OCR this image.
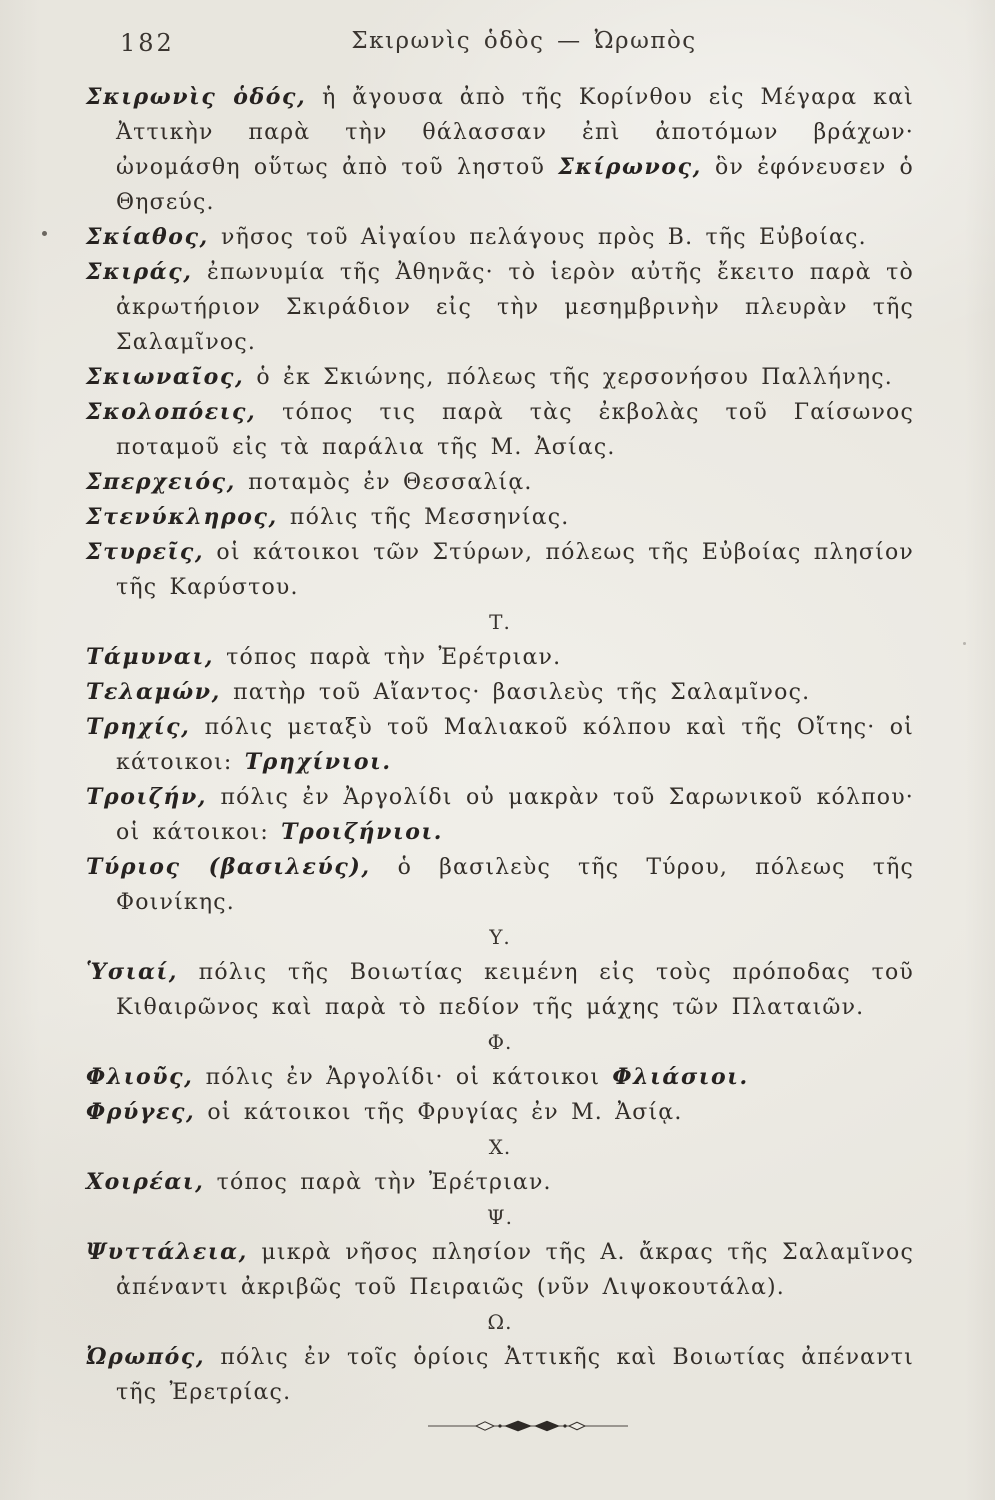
182	Σκιρωνὶς ὁδὸς — Ὠρωπὸς

Σκιρωνὶς ὁδός, ἡ ἄγουσα ἀπὸ τῆς Κορίνθου εἰς Μέγαρα καὶ Ἀττικὴν παρὰ τὴν θάλασσαν ἐπὶ ἀποτόμων βράχων· ὠνομάσθη οὕτως ἀπὸ τοῦ ληστοῦ Σκίρωνος, ὃν ἐφόνευσεν ὁ Θησεύς.

Σκίαθος, νῆσος τοῦ Αἰγαίου πελάγους πρὸς Β. τῆς Εὐβοίας.

Σκιράς, ἐπωνυμία τῆς Ἀθηνᾶς· τὸ ἱερὸν αὐτῆς ἔκειτο παρὰ τὸ ἀκρωτήριον Σκιράδιον εἰς τὴν μεσημβρινὴν πλευρὰν τῆς Σαλαμῖνος.

Σκιωναῖος, ὁ ἐκ Σκιώνης, πόλεως τῆς χερσονήσου Παλλήνης.

Σκολοπόεις, τόπος τις παρὰ τὰς ἐκβολὰς τοῦ Γαίσωνος ποταμοῦ εἰς τὰ παράλια τῆς Μ. Ἀσίας.

Σπερχειός, ποταμὸς ἐν Θεσσαλίᾳ.

Στενύκληρος, πόλις τῆς Μεσσηνίας.

Στυρεῖς, οἱ κάτοικοι τῶν Στύρων, πόλεως τῆς Εὐβοίας πλησίον τῆς Καρύστου.

Τ.

Τάμυναι, τόπος παρὰ τὴν Ἐρέτριαν.

Τελαμών, πατὴρ τοῦ Αἴαντος· βασιλεὺς τῆς Σαλαμῖνος.

Τρηχίς, πόλις μεταξὺ τοῦ Μαλιακοῦ κόλπου καὶ τῆς Οἴτης· οἱ κάτοικοι: Τρηχίνιοι.

Τροιζήν, πόλις ἐν Ἀργολίδι οὐ μακρὰν τοῦ Σαρωνικοῦ κόλπου· οἱ κάτοικοι: Τροιζήνιοι.

Τύριος (βασιλεύς), ὁ βασιλεὺς τῆς Τύρου, πόλεως τῆς Φοινίκης.

Υ.

Ὑσιαί, πόλις τῆς Βοιωτίας κειμένη εἰς τοὺς πρόποδας τοῦ Κιθαιρῶνος καὶ παρὰ τὸ πεδίον τῆς μάχης τῶν Πλαταιῶν.

Φ.

Φλιοῦς, πόλις ἐν Ἀργολίδι· οἱ κάτοικοι Φλιάσιοι.

Φρύγες, οἱ κάτοικοι τῆς Φρυγίας ἐν Μ. Ἀσίᾳ.

Χ.

Χοιρέαι, τόπος παρὰ τὴν Ἐρέτριαν.

Ψ.

Ψυττάλεια, μικρὰ νῆσος πλησίον τῆς Α. ἄκρας τῆς Σαλαμῖνος ἀπέναντι ἀκριβῶς τοῦ Πειραιῶς (νῦν Λιψοκουτάλα).

Ω.

Ὠρωπός, πόλις ἐν τοῖς ὁρίοις Ἀττικῆς καὶ Βοιωτίας ἀπέναντι τῆς Ἐρετρίας.
